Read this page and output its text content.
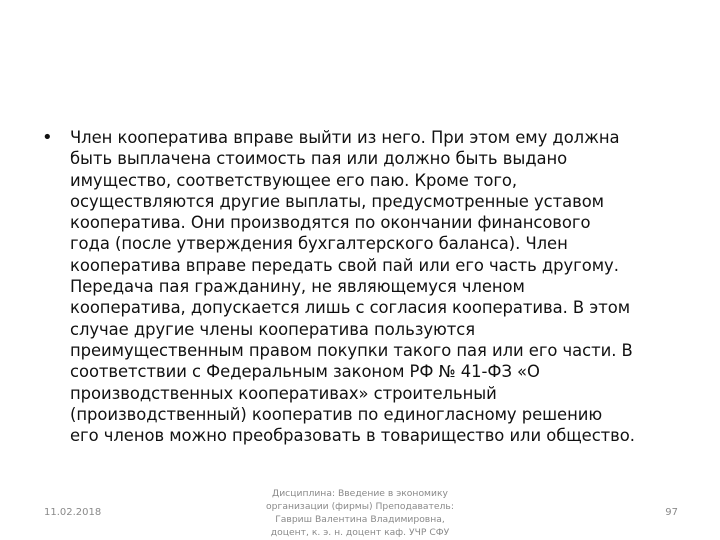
•	Член кооператива вправе выйти из него. При этом ему должна
быть выплачена стоимость пая или должно быть выдано
имущество, соответствующее его паю. Кроме того,
осуществляются другие выплаты, предусмотренные уставом
кооператива. Они производятся по окончании финансового
года (после утверждения бухгалтерского баланса). Член
кооператива вправе передать свой пай или его часть другому.
Передача пая гражданину, не являющемуся членом
кооператива, допускается лишь с согласия кооператива. В этом
случае другие члены кооператива пользуются
преимущественным правом покупки такого пая или его части. В
соответствии с Федеральным законом РФ № 41-ФЗ «О
производственных кооперативах» строительный
(производственный) кооператив по единогласному решению
его членов можно преобразовать в товарищество или общество.
11.02.2018
Дисциплина: Введение в экономику
организации (фирмы) Преподаватель:
Гавриш Валентина Владимировна,
доцент, к. э. н. доцент каф. УЧР СФУ
97
